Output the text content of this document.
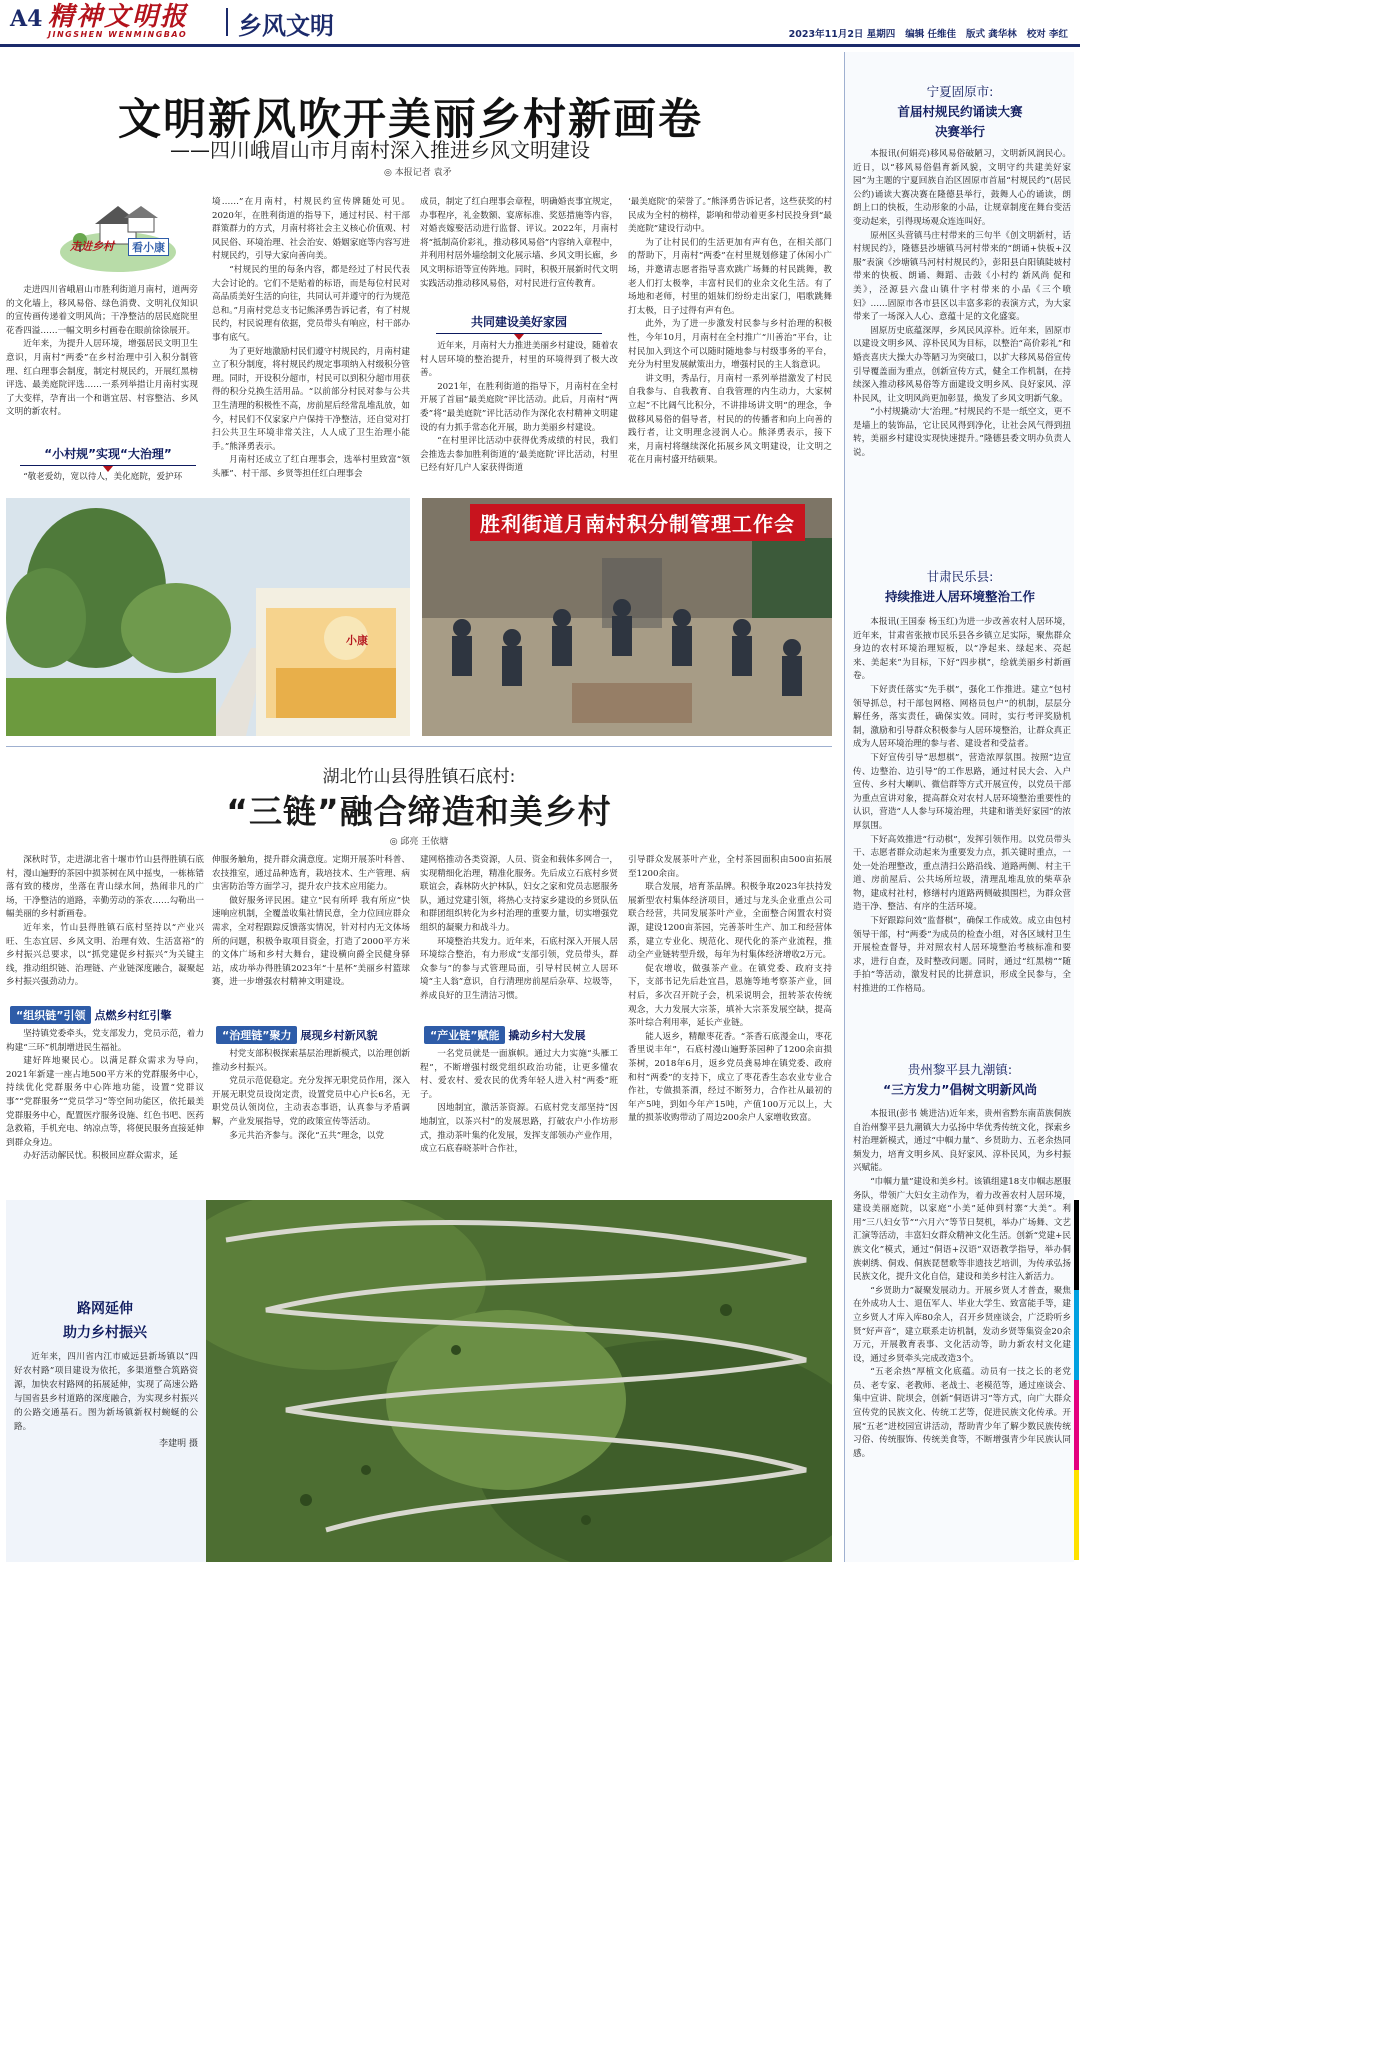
A4 精神文明报
JINGSHEN WENMINGBAO	乡风文明	2023年11月2日 星期四 编辑 任维佳 版式 龚华林 校对 李红
文明新风吹开美丽乡村新画卷
——四川峨眉山市月南村深入推进乡风文明建设
◎ 本报记者 袁矛
走进乡村	看小康

走进四川省峨眉山市胜利街道月南村，道两旁的文化墙上，移风易俗、绿色消费、文明礼仪知识的宣传画传递着文明风尚；干净整洁的居民庭院里花香四溢……一幅文明乡村画卷在眼前徐徐展开。

近年来，为提升人居环境，增强居民文明卫生意识，月南村“两委”在乡村治理中引入积分制管理、红白理事会制度，制定村规民约，开展红黑榜评选、最美庭院评选……一系列举措让月南村实现了大变样，孕育出一个和谐宜居、村容整洁、乡风文明的新农村。

“小村规”实现“大治理”

“敬老爱幼，宽以待人，美化庭院，爱护环

境……”在月南村，村规民约宣传牌随处可见。2020年，在胜利街道的指导下，通过村民、村干部群策群力的方式，月南村将社会主义核心价值观、村风民俗、环境治理、社会治安、婚姻家庭等内容写进村规民约，引导大家向善向美。

“村规民约里的每条内容，都是经过了村民代表大会讨论的。它们不是贴着的标语，而是每位村民对高品质美好生活的向往，共同认可并遵守的行为规范总和。”月南村党总支书记熊泽勇告诉记者，有了村规民约，村民说理有依据，党员带头有响应，村干部办事有底气。

为了更好地激励村民们遵守村规民约，月南村建立了积分制度，将村规民约规定事项纳入村级积分管理。同时，开设积分超市，村民可以到积分超市用获得的积分兑换生活用品。“以前部分村民对参与公共卫生清理的积极性不高，房前屋后经常乱堆乱放，如今，村民们不仅家家户户保持干净整洁，还自觉对打扫公共卫生环境非常关注，人人成了卫生治理小能手。”熊泽勇表示。

月南村还成立了红白理事会，选举村里致富“领头雁”、村干部、乡贤等担任红白理事会

成员，制定了红白理事会章程，明确婚丧事宜规定，办事程序，礼金数额、宴席标准、奖惩措施等内容，对婚丧嫁娶活动进行监督、评议。2022年，月南村将“抵制高价彩礼，推动移风易俗”内容纳入章程中，并利用村居外墙绘制文化展示墙、乡风文明长廊，乡风文明标语等宣传阵地。同时，积极开展新时代文明实践活动推动移风易俗，对村民进行宣传教育。

共同建设美好家园

近年来，月南村大力推进美丽乡村建设，随着农村人居环境的整治提升，村里的环境得到了极大改善。

2021年，在胜利街道的指导下，月南村在全村开展了首届“最美庭院”评比活动。此后，月南村“两委”将“最美庭院”评比活动作为深化农村精神文明建设的有力抓手常态化开展，助力美丽乡村建设。

“在村里评比活动中获得优秀成绩的村民，我们会推选去参加胜利街道的‘最美庭院’评比活动，村里已经有好几户人家获得街道

‘最美庭院’的荣誉了。”熊泽勇告诉记者，这些获奖的村民成为全村的榜样，影响和带动着更多村民投身到“最美庭院”建设行动中。

为了让村民们的生活更加有声有色，在相关部门的帮助下，月南村“两委”在村里规划修建了休闲小广场，并邀请志愿者指导喜欢跳广场舞的村民跳舞，教老人们打太极拳，丰富村民们的业余文化生活。有了场地和老师，村里的姐妹们纷纷走出家门，唱歌跳舞打太极，日子过得有声有色。

此外，为了进一步激发村民参与乡村治理的积极性，今年10月，月南村在全村推广“川善治”平台，让村民加入到这个可以随时随地参与村级事务的平台，充分为村里发展献策出力，增强村民的主人翁意识。

讲文明，秀品行，月南村一系列举措激发了村民自我参与、自我教育、自我管理的内生动力，大家树立起“不比阔气比积分，不讲排场讲文明”的理念，争做移风易俗的倡导者，村民的的传播者和向上向善的践行者，让文明理念浸润人心。熊泽勇表示，接下来，月南村将继续深化拓展乡风文明建设，让文明之花在月南村盛开结硕果。

小康
胜利街道月南村积分制管理工作会
宁夏固原市:
首届村规民约诵读大赛
决赛举行

本报讯(何娟亮)移风易俗破陋习，文明新风润民心。近日，以“移风易俗倡育新风貌，文明守约共建美好家园”为主题的宁夏回族自治区固原市首届“村规民约”(居民公约)诵读大赛决赛在隆德县举行，鼓舞人心的诵读，朗朗上口的快板，生动形象的小品，让规章制度在舞台变活变动起来，引得现场观众连连叫好。

原州区头营镇马庄村带来的三句半《创文明新村，话村规民约》，隆德县沙塘镇马河村带来的“朗诵+快板+汉服”表演《沙塘镇马河村村规民约》，彭阳县白阳镇陡坡村带来的快板、朗诵、舞蹈、击鼓《小村约 新风尚 促和美》，泾源县六盘山镇什字村带来的小品《三个喷妇》……固原市各市县区以丰富多彩的表演方式，为大家带来了一场深入人心、意蕴十足的文化盛宴。

固原历史底蕴深厚，乡风民风淳朴。近年来，固原市以建设文明乡风、淳朴民风为目标，以整治“高价彩礼”和婚丧喜庆大操大办等陋习为突破口，以扩大移风易俗宣传引导覆盖面为重点，创新宣传方式，健全工作机制，在持续深入推动移风易俗等方面建设文明乡风、良好家风、淳朴民风，让文明风尚更加彰显，焕发了乡风文明新气象。

“小村规撬动‘大’治理。”村规民约不是一纸空文，更不是墙上的装饰品，它让民风得到净化，让社会风气得到扭转，美丽乡村建设实现快速提升。”隆德县委文明办负责人说。

甘肃民乐县:
持续推进人居环境整治工作

本报讯(王国泰 杨玉红)为进一步改善农村人居环境，近年来，甘肃省张掖市民乐县各乡镇立足实际，聚焦群众身边的农村环境治理短板，以“净起来、绿起来、亮起来、美起来”为目标，下好“四步棋”，绘就美丽乡村新画卷。

下好责任落实“先手棋”，强化工作推进。建立“包村领导抓总，村干部包网格、网格员包户”的机制，层层分解任务，落实责任，确保实效。同时，实行考评奖励机制，激励和引导群众积极参与人居环境整治，让群众真正成为人居环境治理的参与者、建设者和受益者。

下好宣传引导“思想棋”，营造浓厚氛围。按照“边宣传、边整治、边引导”的工作思路，通过村民大会、入户宣传、乡村大喇叭、微信群等方式开展宣传，以党员干部为重点宣讲对象，提高群众对农村人居环境整治重要性的认识，营造“人人参与环境治理，共建和谐美好家园”的浓厚氛围。

下好高效推进“行动棋”，发挥引领作用。以党员带头干、志愿者群众动起来为重要发力点，抓关键时重点，一处一处治理整改，重点清扫公路沿线、道路两侧、村主干道、房前屋后、公共场所垃圾，清理乱堆乱放的柴草杂物，建成村社村，修缮村内道路两侧破损围栏，为群众营造干净、整洁、有序的生活环境。

下好跟踪问效“监督棋”，确保工作成效。成立由包村领导干部，村“两委”为成员的检查小组，对各区域村卫生开展检查督导，并对照农村人居环境整治考核标准和要求，进行自查，及时整改问题。同时，通过“红黑榜”“随手拍”等活动，激发村民的比拼意识，形成全民参与，全村推进的工作格局。

贵州黎平县九潮镇:
“三方发力”倡树文明新风尚

本报讯(彭书 姚进洁)近年来，贵州省黔东南苗族侗族自治州黎平县九潮镇大力弘扬中华优秀传统文化，探索乡村治理新模式，通过“中帼力量”、乡贤助力、五老余热同频发力，培育文明乡风、良好家风、淳朴民风，为乡村振兴赋能。

“巾帼力量”建设和美乡村。该镇组建18支巾帼志愿服务队，带领广大妇女主动作为，着力改善农村人居环境，建设美丽庭院，以家庭“小美”延伸到村寨“大美”。利用“三八妇女节”“六月六”等节日契机，举办广场舞、文艺汇演等活动，丰富妇女群众精神文化生活。创新“党建+民族文化”模式，通过“侗语+汉语”双语教学指导，举办侗族刺绣、侗戏、侗族琵琶歌等非遗技艺培训，为传承弘扬民族文化，提升文化自信，建设和美乡村注入新活力。

“乡贤助力”凝聚发展动力。开展乡贤人才普查，聚焦在外成功人士、退伍军人、毕业大学生、致富能手等，建立乡贤人才库入库80余人，召开乡贤座谈会，广泛聆听乡贤“好声音”，建立联系走访机制，发动乡贤等集资金20余万元，开展教育表事、文化活动等，助力新农村文化建设，通过乡贤牵头完成改造3个。

“五老余热”厚植文化底蕴。动员有一技之长的老党员、老专家、老教师、老战士、老模范等，通过座谈会、集中宣讲、院坝会，创新“侗语讲习”等方式，向广大群众宣传党的民族文化、传统工艺等，促进民族文化传承。开展“五老”进校园宣讲活动，帮助青少年了解少数民族传统习俗、传统服饰、传统美食等，不断增强青少年民族认同感。

湖北竹山县得胜镇石底村:
“三链”融合缔造和美乡村
◎ 邱亮 王依塘

深秋时节，走进湖北省十堰市竹山县得胜镇石底村，漫山遍野的茶园中损茶树在风中摇曳，一栋栋错落有致的楼房，坐落在青山绿水间，热闹非凡的广场，干净整洁的道路，幸勤劳动的茶农……勾勒出一幅美丽的乡村新画卷。

近年来，竹山县得胜镇石底村坚持以“产业兴旺、生态宜居、乡风文明、治理有效、生活富裕”的乡村振兴总要求，以“抓党建促乡村振兴”为关键主线，推动组织链、治理链、产业链深度融合，凝聚起乡村振兴强劲动力。

“组织链”引领 点燃乡村红引擎

坚持镇党委牵头，党支部发力，党员示范，着力构建“三环”机制增进民生福祉。

建好阵地聚民心。以满足群众需求为导向，2021年新建一座占地500平方米的党群服务中心，持续优化党群服务中心阵地功能，设置“党群议事”“党群服务”“党员学习”等空间功能区，依托最美党群服务中心，配置医疗服务设施、红色书吧、医药急救箱，手机充电、纳凉点等，将便民服务直接延伸到群众身边。

办好活动解民忧。积极回应群众需求，延

伸服务触角，提升群众满意度。定期开展茶叶科普、农技推室，通过品种选育，栽培技术、生产管理、病虫害防治等方面学习，提升农户技术应用能力。

做好服务评民困。建立“民有所呼 我有所应”快速响应机制，全覆盖收集社情民意，全力位回应群众需求，全对程跟踪反馈落实情况，针对村内无文体场所的问题，积极争取项目资金，打造了2000平方米的文体广场和乡村大舞台，建设横向爵全民健身驿站，成功举办得胜镇2023年“十星杯”美丽乡村篮球赛，进一步增强农村精神文明建设。

“治理链”聚力 展现乡村新风貌

村党支部积极探索基层治理新模式，以治理创新推动乡村振兴。

党员示范促稳定。充分发挥无职党员作用，深入开展无职党员设岗定责，设置党员中心户长6名，无职党员认领岗位，主动表态事语，认真参与矛盾调解，产业发展指导，党的政策宣传等活动。

多元共治齐参与。深化“五共”理念，以党

建网格推动各类资源，人员、资金和载体多网合一，实现精细化治理，精准化服务。先后成立石底村乡贤联谊会，森林防火护林队，妇女之家和党员志愿服务队，通过党建引领，将热心支持家乡建设的乡贤队伍和群团组织转化为乡村治理的重要力量，切实增强党组织的凝聚力和战斗力。

环境整治共发力。近年来，石底村深入开展人居环境综合整治，有力形成“支部引领，党员带头，群众参与”的参与式管理局面，引导村民树立人居环境“主人翁”意识，自行清理房前屋后杂草、垃圾等，养成良好的卫生清洁习惯。

“产业链”赋能 撬动乡村大发展

一名党员就是一面旗帜。通过大力实施“头雁工程”，不断增强村级党组织政治功能，让更多懂农村、爱农村、爱农民的优秀年轻人进入村“两委”班子。

因地制宜，激活茶资源。石底村党支部坚持“因地制宜，以茶兴村”的发展思路，打破农户小作坊形式，推动茶叶集约化发展，发挥支部领办产业作用，成立石底春晓茶叶合作社，

引导群众发展茶叶产业，全村茶园面积由500亩拓展至1200余亩。

联合发展，培育茶品牌。积极争取2023年扶持发展新型农村集体经济项目，通过与龙头企业重点公司联合经营，共同发展茶叶产业，全面整合闲置农村资源，建设1200亩茶园，完善茶叶生产、加工和经营体系，建立专业化、规范化、现代化的茶产业流程，推动全产业链转型升级，每年为村集体经济增收2万元。

促农增收，做强茶产业。在镇党委、政府支持下，支部书记先后赴宜昌，恩施等地考察茶产业，回村后，多次召开院子会，机采说明会，扭转茶农传统观念，大力发展大宗茶，填补大宗茶发展空缺，提高茶叶综合利用率，延长产业链。

能人返乡，精酿枣花香。“茶香石底漫金山，枣花香里说丰年”，石底村漫山遍野茶园种了1200余亩损茶树，2018年6月，返乡党员龚易坤在镇党委、政府和村“两委”的支持下，成立了枣花香生态农业专业合作社，专做损茶酒，经过不断努力，合作社从最初的年产5吨，到如今年产15吨，产值100万元以上，大量的损茶收购带动了周边200余户人家增收致富。

路网延伸
助力乡村振兴

近年来，四川省内江市威远县新场镇以“四好农村路”项目建设为依托，多渠道整合筑路资源，加快农村路网的拓展延伸，实现了高速公路与国省县乡村道路的深度融合，为实现乡村振兴的公路交通基石。图为新场镇新权村蜿蜒的公路。

李建明 摄
